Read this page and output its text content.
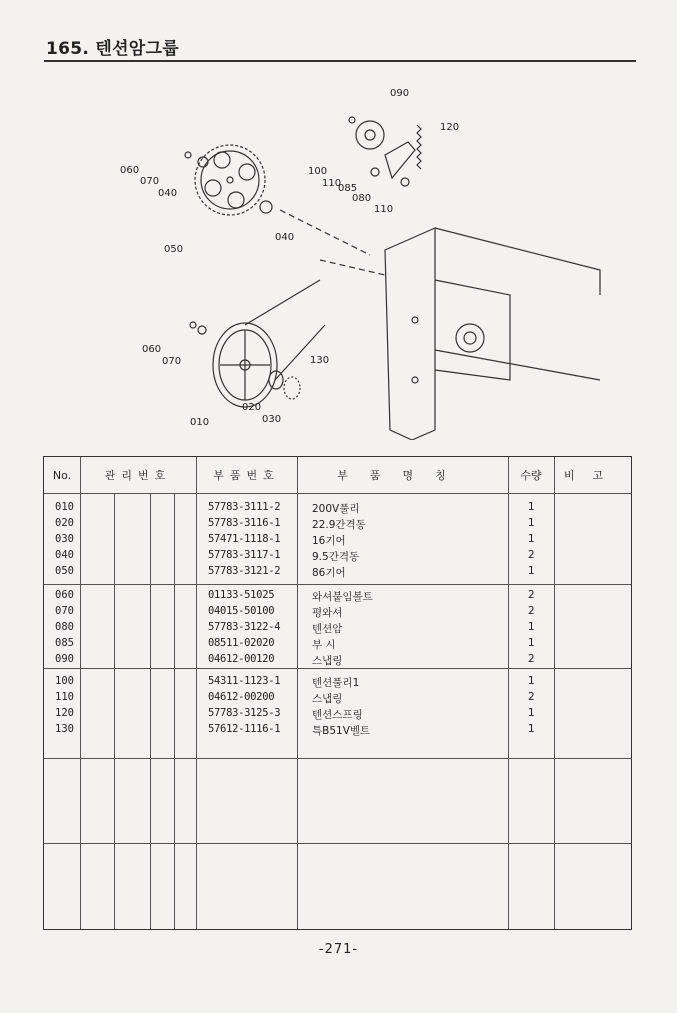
165. 텐션암그룹
090
120
060
070
040
100
110
085
080
110
040
050
060
070	130
010
020
030
No.	관리번호	부품번호	부품명칭	수량	비고
010	57783-3111-2	200V풀리	1
020	57783-3116-1	22.9간격동	1
030	57471-1118-1	16기어	1
040	57783-3117-1	9.5간격동	2
050	57783-3121-2	86기어	1
060	01133-51025	와셔붙임볼트	2
070	04015-50100	평와셔	2
080	57783-3122-4	텐션암	1
085	08511-02020	부 시	1
090	04612-00120	스냅링	2
100	54311-1123-1	텐션풀리1	1
110	04612-00200	스냅링	2
120	57783-3125-3	텐션스프링	1
130	57612-1116-1	특B51V벨트	1
-271-
